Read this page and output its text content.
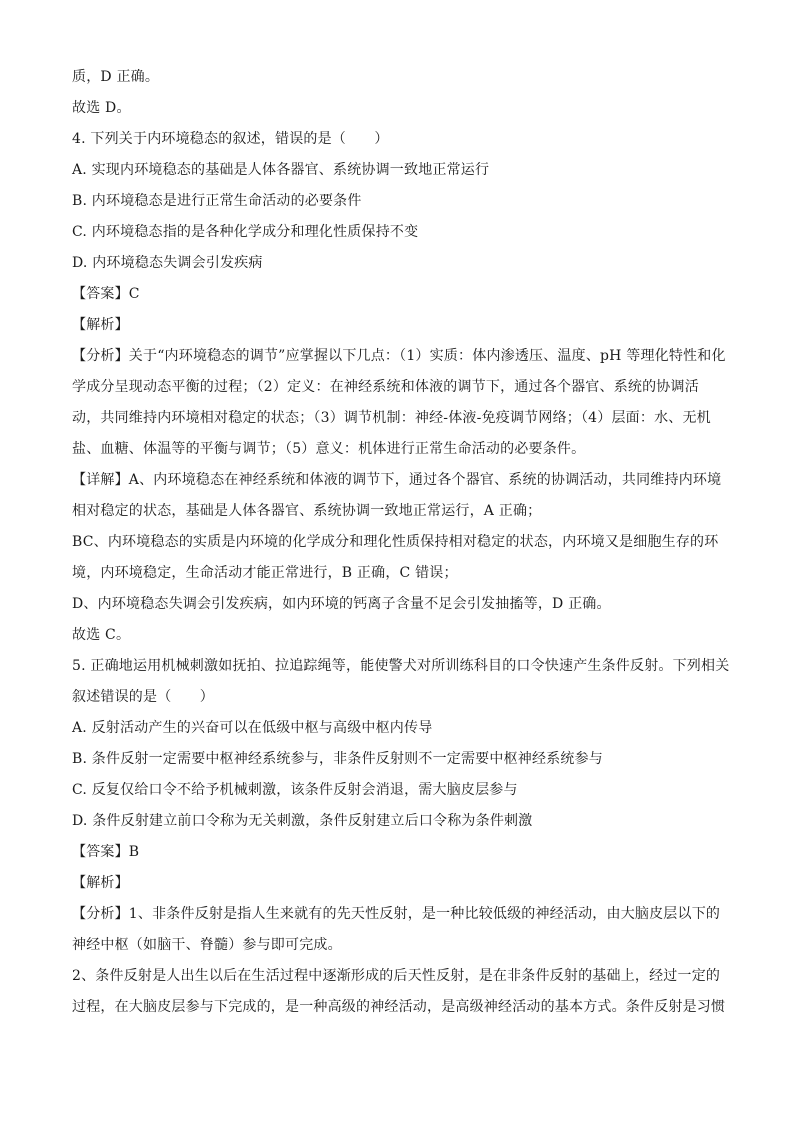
质，D 正确。
故选 D。
4. 下列关于内环境稳态的叙述，错误的是（　　）
A. 实现内环境稳态的基础是人体各器官、系统协调一致地正常运行
B. 内环境稳态是进行正常生命活动的必要条件
C. 内环境稳态指的是各种化学成分和理化性质保持不变
D. 内环境稳态失调会引发疾病
【答案】C
【解析】
【分析】关于“内环境稳态的调节”应掌握以下几点：（1）实质：体内渗透压、温度、pH 等理化特性和化
学成分呈现动态平衡的过程；（2）定义：在神经系统和体液的调节下，通过各个器官、系统的协调活
动，共同维持内环境相对稳定的状态；（3）调节机制：神经-体液-免疫调节网络；（4）层面：水、无机
盐、血糖、体温等的平衡与调节；（5）意义：机体进行正常生命活动的必要条件。
【详解】A、内环境稳态在神经系统和体液的调节下，通过各个器官、系统的协调活动，共同维持内环境
相对稳定的状态，基础是人体各器官、系统协调一致地正常运行，A 正确；
BC、内环境稳态的实质是内环境的化学成分和理化性质保持相对稳定的状态，内环境又是细胞生存的环
境，内环境稳定，生命活动才能正常进行，B 正确，C 错误；
D、内环境稳态失调会引发疾病，如内环境的钙离子含量不足会引发抽搐等，D 正确。
故选 C。
5. 正确地运用机械刺激如抚拍、拉追踪绳等，能使警犬对所训练科目的口令快速产生条件反射。下列相关
叙述错误的是（　　）
A. 反射活动产生的兴奋可以在低级中枢与高级中枢内传导
B. 条件反射一定需要中枢神经系统参与，非条件反射则不一定需要中枢神经系统参与
C. 反复仅给口令不给予机械刺激，该条件反射会消退，需大脑皮层参与
D. 条件反射建立前口令称为无关刺激，条件反射建立后口令称为条件刺激
【答案】B
【解析】
【分析】1、非条件反射是指人生来就有的先天性反射，是一种比较低级的神经活动，由大脑皮层以下的
神经中枢（如脑干、脊髓）参与即可完成。
2、条件反射是人出生以后在生活过程中逐渐形成的后天性反射，是在非条件反射的基础上，经过一定的
过程，在大脑皮层参与下完成的，是一种高级的神经活动，是高级神经活动的基本方式。条件反射是习惯
